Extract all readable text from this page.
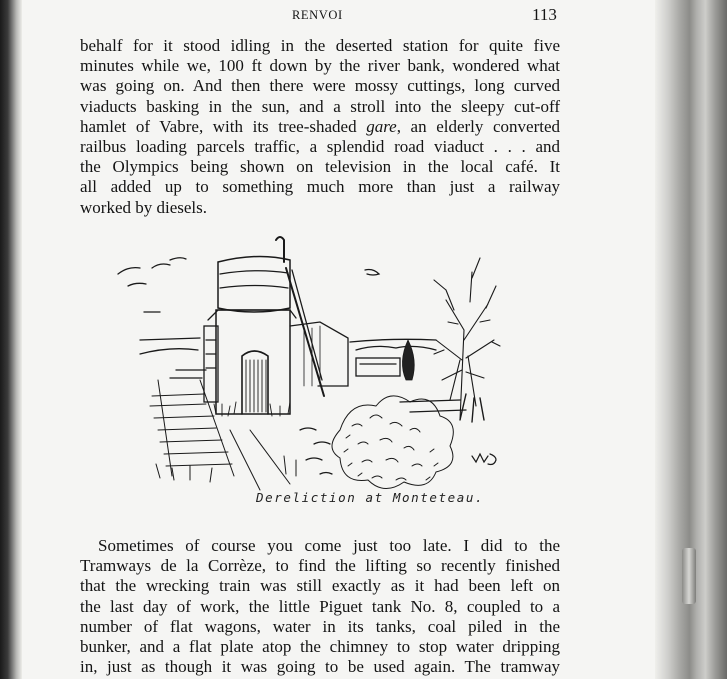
RENVOI	113
behalf for it stood idling in the deserted station for quite five
minutes while we, 100 ft down by the river bank, wondered what
was going on. And then there were mossy cuttings, long curved
viaducts basking in the sun, and a stroll into the sleepy cut-off
hamlet of Vabre, with its tree-shaded gare, an elderly converted
railbus loading parcels traffic, a splendid road viaduct . . . and
the Olympics being shown on television in the local café. It
all added up to something much more than just a railway
worked by diesels.
Dereliction at Monteteau.
Sometimes of course you come just too late. I did to the
Tramways de la Corrèze, to find the lifting so recently finished
that the wrecking train was still exactly as it had been left on
the last day of work, the little Piguet tank No. 8, coupled to a
number of flat wagons, water in its tanks, coal piled in the
bunker, and a flat plate atop the chimney to stop water dripping
in, just as though it was going to be used again. The tramway
